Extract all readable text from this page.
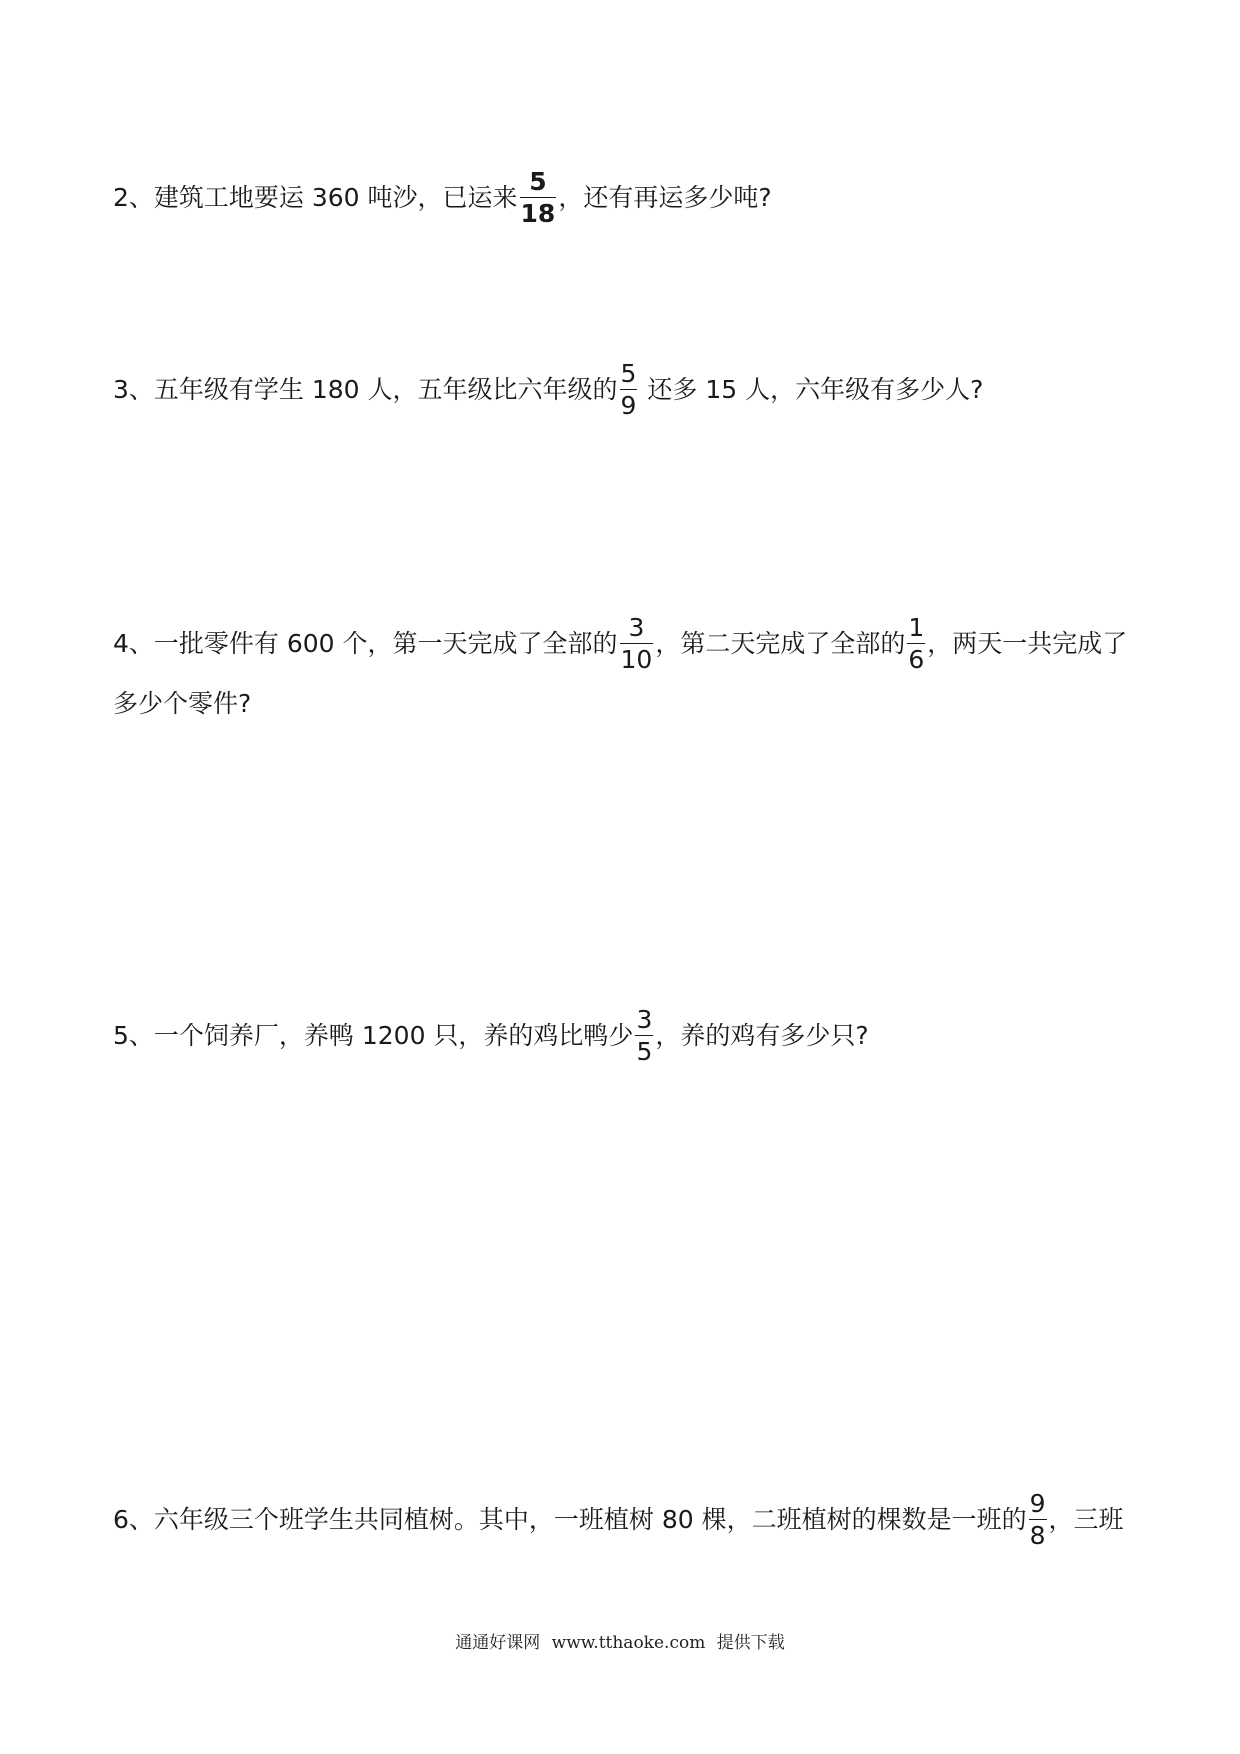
2、建筑工地要运 360 吨沙，已运来 $\frac{5}{18}$ ，还有再运多少吨?
3、五年级有学生 180 人，五年级比六年级的 $\frac{5}{9}$ 还多 15 人，六年级有多少人?
4、一批零件有 600 个，第一天完成了全部的 $\frac{3}{10}$ ，第二天完成了全部的 $\frac{1}{6}$ ，两天一共完成了
多少个零件?
5、一个饲养厂，养鸭 1200 只，养的鸡比鸭少 $\frac{3}{5}$ ，养的鸡有多少只?
6、六年级三个班学生共同植树。其中，一班植树 80 棵，二班植树的棵数是一班的 $\frac{9}{8}$ ，三班
通通好课网 www.tthaoke.com 提供下载
